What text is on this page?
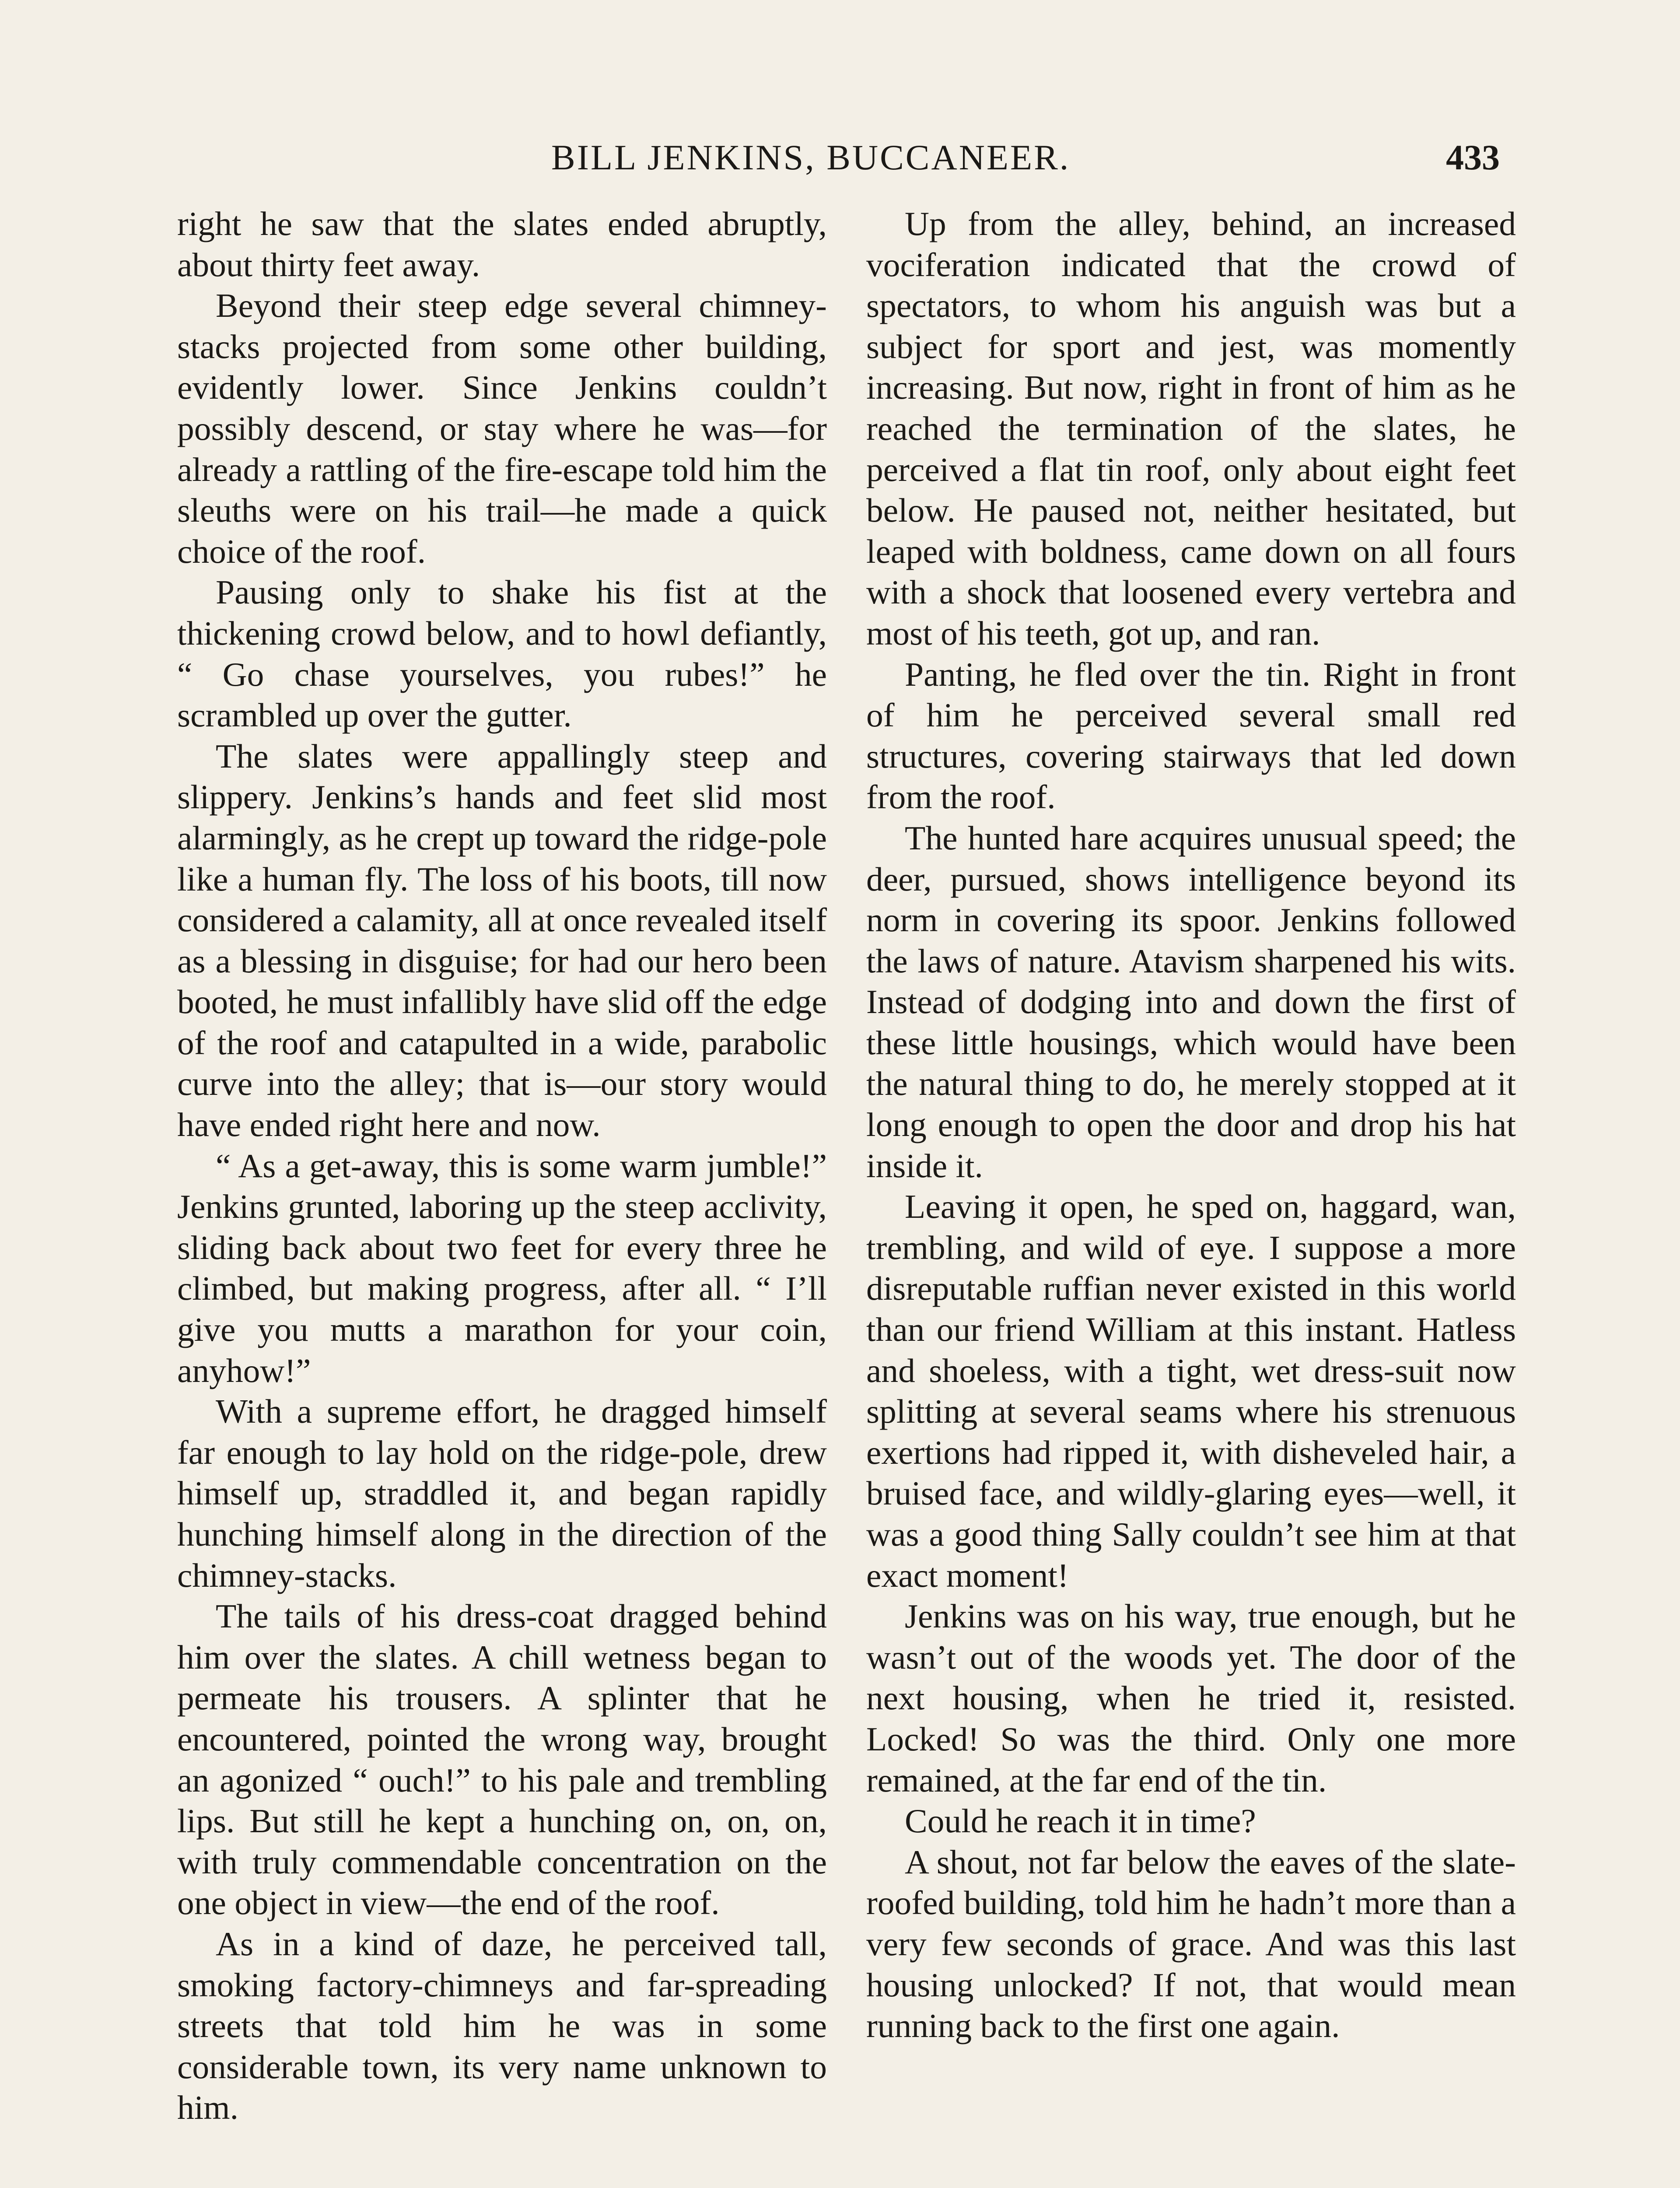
BILL JENKINS, BUCCANEER.	433

right he saw that the slates ended abruptly, about thirty feet away.

Beyond their steep edge several chimney-stacks projected from some other building, evidently lower. Since Jenkins couldn’t possibly descend, or stay where he was—for already a rattling of the fire-escape told him the sleuths were on his trail—he made a quick choice of the roof.

Pausing only to shake his fist at the thickening crowd below, and to howl defiantly, “ Go chase yourselves, you rubes!” he scrambled up over the gutter.

The slates were appallingly steep and slippery. Jenkins’s hands and feet slid most alarmingly, as he crept up toward the ridge-pole like a human fly. The loss of his boots, till now considered a calamity, all at once revealed itself as a blessing in disguise; for had our hero been booted, he must infallibly have slid off the edge of the roof and catapulted in a wide, parabolic curve into the alley; that is—our story would have ended right here and now.

“ As a get-away, this is some warm jumble!” Jenkins grunted, laboring up the steep acclivity, sliding back about two feet for every three he climbed, but making progress, after all. “ I’ll give you mutts a marathon for your coin, anyhow!”

With a supreme effort, he dragged himself far enough to lay hold on the ridge-pole, drew himself up, straddled it, and began rapidly hunching himself along in the direction of the chimney-stacks.

The tails of his dress-coat dragged behind him over the slates. A chill wetness began to permeate his trousers. A splinter that he encountered, pointed the wrong way, brought an agonized “ ouch!” to his pale and trembling lips. But still he kept a hunching on, on, on, with truly commendable concentration on the one object in view—the end of the roof.

As in a kind of daze, he perceived tall, smoking factory-chimneys and far-spreading streets that told him he was in some considerable town, its very name unknown to him.

Up from the alley, behind, an increased vociferation indicated that the crowd of spectators, to whom his anguish was but a subject for sport and jest, was momently increasing. But now, right in front of him as he reached the termination of the slates, he perceived a flat tin roof, only about eight feet below. He paused not, neither hesitated, but leaped with boldness, came down on all fours with a shock that loosened every vertebra and most of his teeth, got up, and ran.

Panting, he fled over the tin. Right in front of him he perceived several small red structures, covering stairways that led down from the roof.

The hunted hare acquires unusual speed; the deer, pursued, shows intelligence beyond its norm in covering its spoor. Jenkins followed the laws of nature. Atavism sharpened his wits. Instead of dodging into and down the first of these little housings, which would have been the natural thing to do, he merely stopped at it long enough to open the door and drop his hat inside it.

Leaving it open, he sped on, haggard, wan, trembling, and wild of eye. I suppose a more disreputable ruffian never existed in this world than our friend William at this instant. Hatless and shoeless, with a tight, wet dress-suit now splitting at several seams where his strenuous exertions had ripped it, with disheveled hair, a bruised face, and wildly-glaring eyes—well, it was a good thing Sally couldn’t see him at that exact moment!

Jenkins was on his way, true enough, but he wasn’t out of the woods yet. The door of the next housing, when he tried it, resisted. Locked! So was the third. Only one more remained, at the far end of the tin.

Could he reach it in time?

A shout, not far below the eaves of the slate-roofed building, told him he hadn’t more than a very few seconds of grace. And was this last housing unlocked? If not, that would mean running back to the first one again.
